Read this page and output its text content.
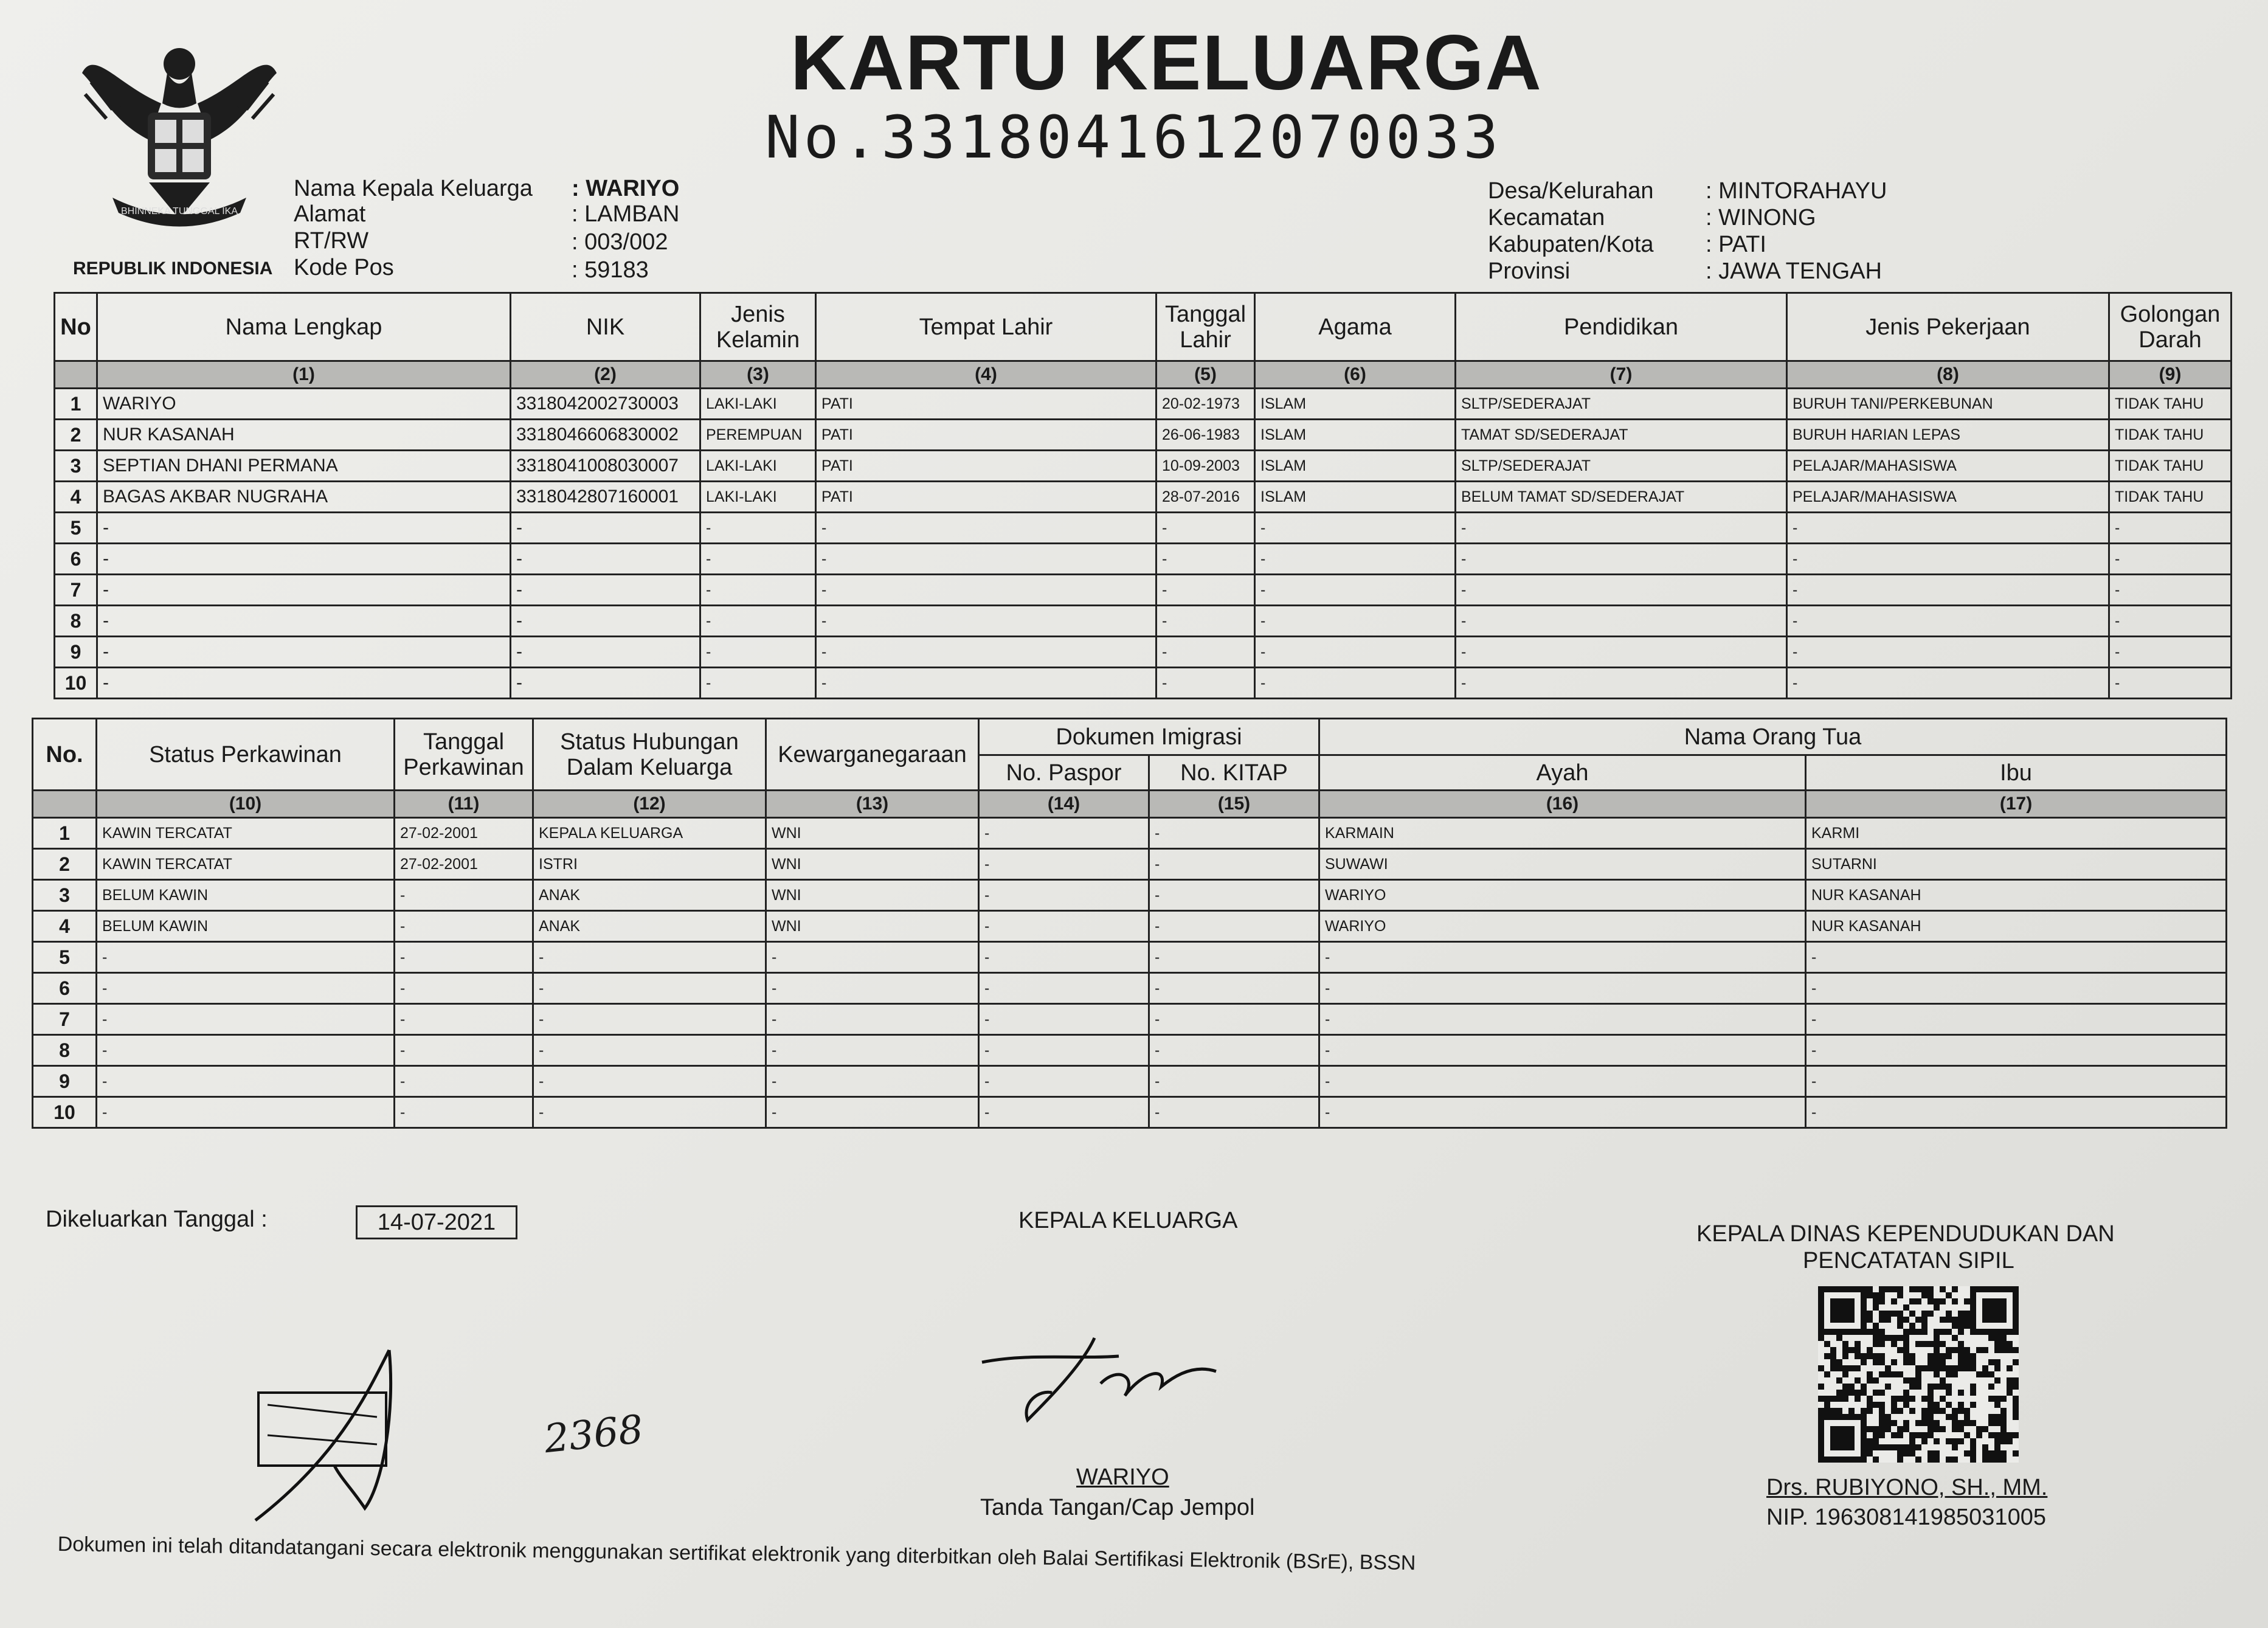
BHINNEKA TUNGGAL IKA
REPUBLIK INDONESIA
KARTU KELUARGA
No.3318041612070033
Nama Kepala Keluarga : WARIYO
Alamat	: LAMBAN
RT/RW	: 003/002
Kode Pos	: 59183
Desa/Kelurahan : MINTORAHAYU
Kecamatan	: WINONG
Kabupaten/Kota : PATI
Provinsi	: JAWA TENGAH
No	Nama Lengkap	NIK	Jenis Kelamin	Tempat Lahir	Tanggal Lahir	Agama	Pendidikan	Jenis Pekerjaan	Golongan Darah
	(1)	(2)	(3)	(4)	(5)	(6)	(7)	(8)	(9)
1	WARIYO	3318042002730003	LAKI-LAKI	PATI	20-02-1973	ISLAM	SLTP/SEDERAJAT	BURUH TANI/PERKEBUNAN	TIDAK TAHU
2	NUR KASANAH	3318046606830002	PEREMPUAN	PATI	26-06-1983	ISLAM	TAMAT SD/SEDERAJAT	BURUH HARIAN LEPAS	TIDAK TAHU
3	SEPTIAN DHANI PERMANA	3318041008030007	LAKI-LAKI	PATI	10-09-2003	ISLAM	SLTP/SEDERAJAT	PELAJAR/MAHASISWA	TIDAK TAHU
4	BAGAS AKBAR NUGRAHA	3318042807160001	LAKI-LAKI	PATI	28-07-2016	ISLAM	BELUM TAMAT SD/SEDERAJAT	PELAJAR/MAHASISWA	TIDAK TAHU
5	-	-	-	-	-	-	-	-	-
6	-	-	-	-	-	-	-	-	-
7	-	-	-	-	-	-	-	-	-
8	-	-	-	-	-	-	-	-	-
9	-	-	-	-	-	-	-	-	-
10	-	-	-	-	-	-	-	-	-
No.	Status Perkawinan	Tanggal Perkawinan	Status Hubungan Dalam Keluarga	Kewarganegaraan	Dokumen Imigrasi		Nama Orang Tua	
					No. Paspor	No. KITAP	Ayah	Ibu
	(10)	(11)	(12)	(13)	(14)	(15)	(16)	(17)
1	KAWIN TERCATAT	27-02-2001	KEPALA KELUARGA	WNI	-	-	KARMAIN	KARMI
2	KAWIN TERCATAT	27-02-2001	ISTRI	WNI	-	-	SUWAWI	SUTARNI
3	BELUM KAWIN	-	ANAK	WNI	-	-	WARIYO	NUR KASANAH
4	BELUM KAWIN	-	ANAK	WNI	-	-	WARIYO	NUR KASANAH
5	-	-	-	-	-	-	-	-
6	-	-	-	-	-	-	-	-
7	-	-	-	-	-	-	-	-
8	-	-	-	-	-	-	-	-
9	-	-	-	-	-	-	-	-
10	-	-	-	-	-	-	-	-
Dikeluarkan Tanggal :	14-07-2021	KEPALA KELUARGA
KEPALA DINAS KEPENDUDUKAN DAN
PENCATATAN SIPIL
2368
WARIYO
Tanda Tangan/Cap Jempol
Drs. RUBIYONO, SH., MM.
NIP. 196308141985031005
Dokumen ini telah ditandatangani secara elektronik menggunakan sertifikat elektronik yang diterbitkan oleh Balai Sertifikasi Elektronik (BSrE), BSSN
